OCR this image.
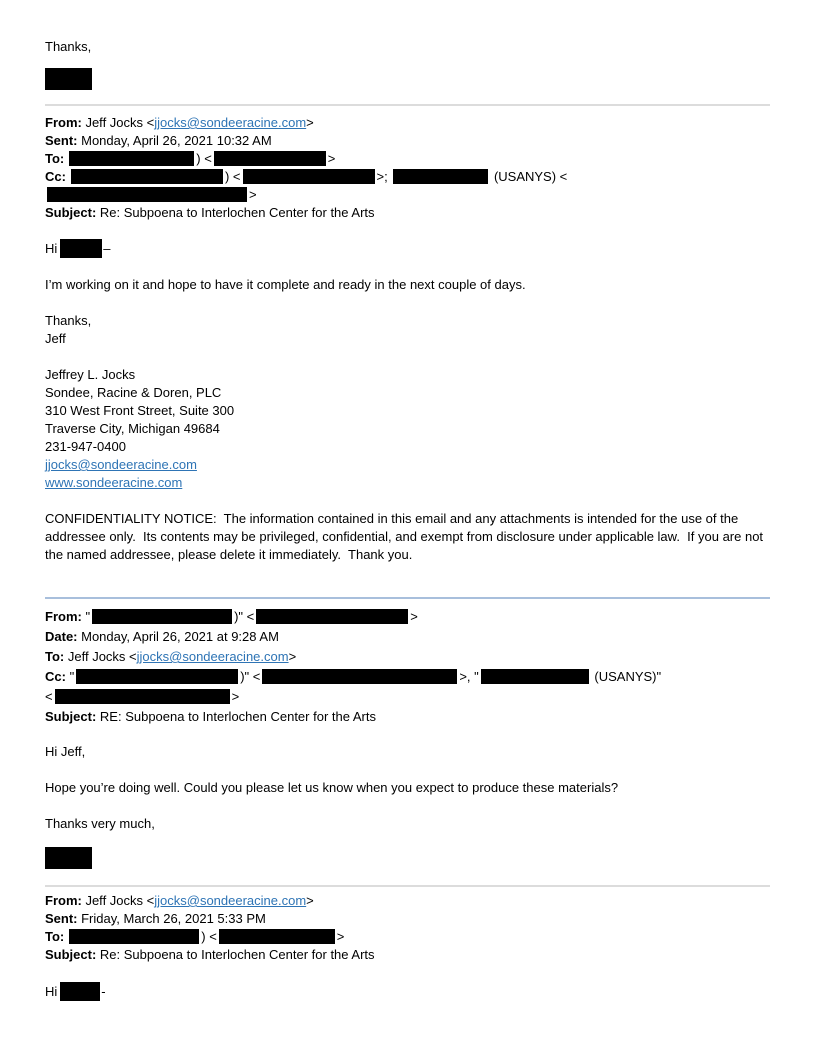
Thanks,

From: Jeff Jocks <jjocks@sondeeracine.com>

Sent: Monday, April 26, 2021 10:32 AM

To:	) <	>

Cc:	) <	>;	(USANYS) <>

Subject: Re: Subpoena to Interlochen Center for the Arts

Hi	–

I’m working on it and hope to have it complete and ready in the next couple of days.

Thanks,

Jeff

Jeffrey L. Jocks

Sondee, Racine & Doren, PLC

310 West Front Street, Suite 300

Traverse City, Michigan 49684

231-947-0400

jjocks@sondeeracine.com

www.sondeeracine.com

CONFIDENTIALITY NOTICE:  The information contained in this email and any attachments is intended for the use of the addressee only.  Its contents may be privileged, confidential, and exempt from disclosure under applicable law.  If you are not the named addressee, please delete it immediately.  Thank you.

From: "	)" <	>

Date: Monday, April 26, 2021 at 9:28 AM

To: Jeff Jocks <jjocks@sondeeracine.com>

Cc: "	)" <	>, "	(USANYS)"

<	>

Subject: RE: Subpoena to Interlochen Center for the Arts

Hi Jeff,

Hope you’re doing well. Could you please let us know when you expect to produce these materials?

Thanks very much,

From: Jeff Jocks <jjocks@sondeeracine.com>

Sent: Friday, March 26, 2021 5:33 PM

To:	) <	>

Subject: Re: Subpoena to Interlochen Center for the Arts

Hi	-
